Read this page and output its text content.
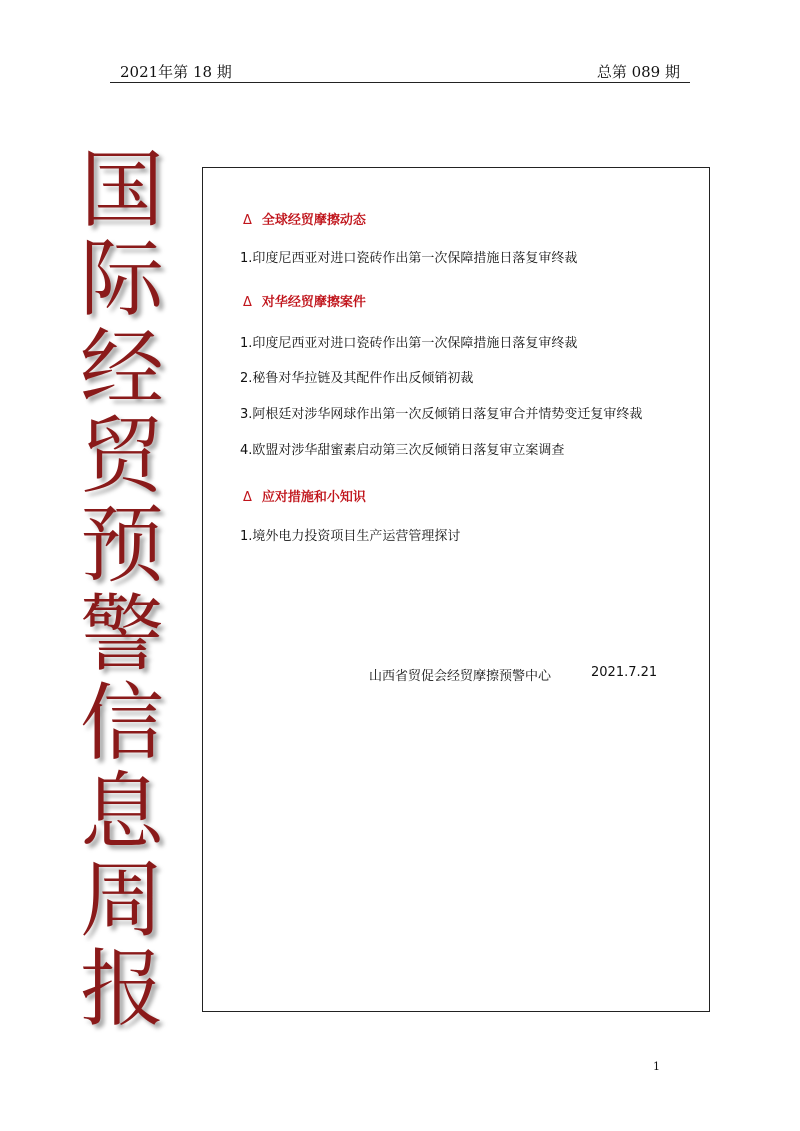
2021年第 18 期	总第 089 期
国
际
经
贸
预
警
信
息
周
报
Δ 全球经贸摩擦动态
1.印度尼西亚对进口瓷砖作出第一次保障措施日落复审终裁
Δ 对华经贸摩擦案件
1.印度尼西亚对进口瓷砖作出第一次保障措施日落复审终裁
2.秘鲁对华拉链及其配件作出反倾销初裁
3.阿根廷对涉华网球作出第一次反倾销日落复审合并情势变迁复审终裁
4.欧盟对涉华甜蜜素启动第三次反倾销日落复审立案调查
Δ 应对措施和小知识
1.境外电力投资项目生产运营管理探讨
山西省贸促会经贸摩擦预警中心	2021.7.21
1
